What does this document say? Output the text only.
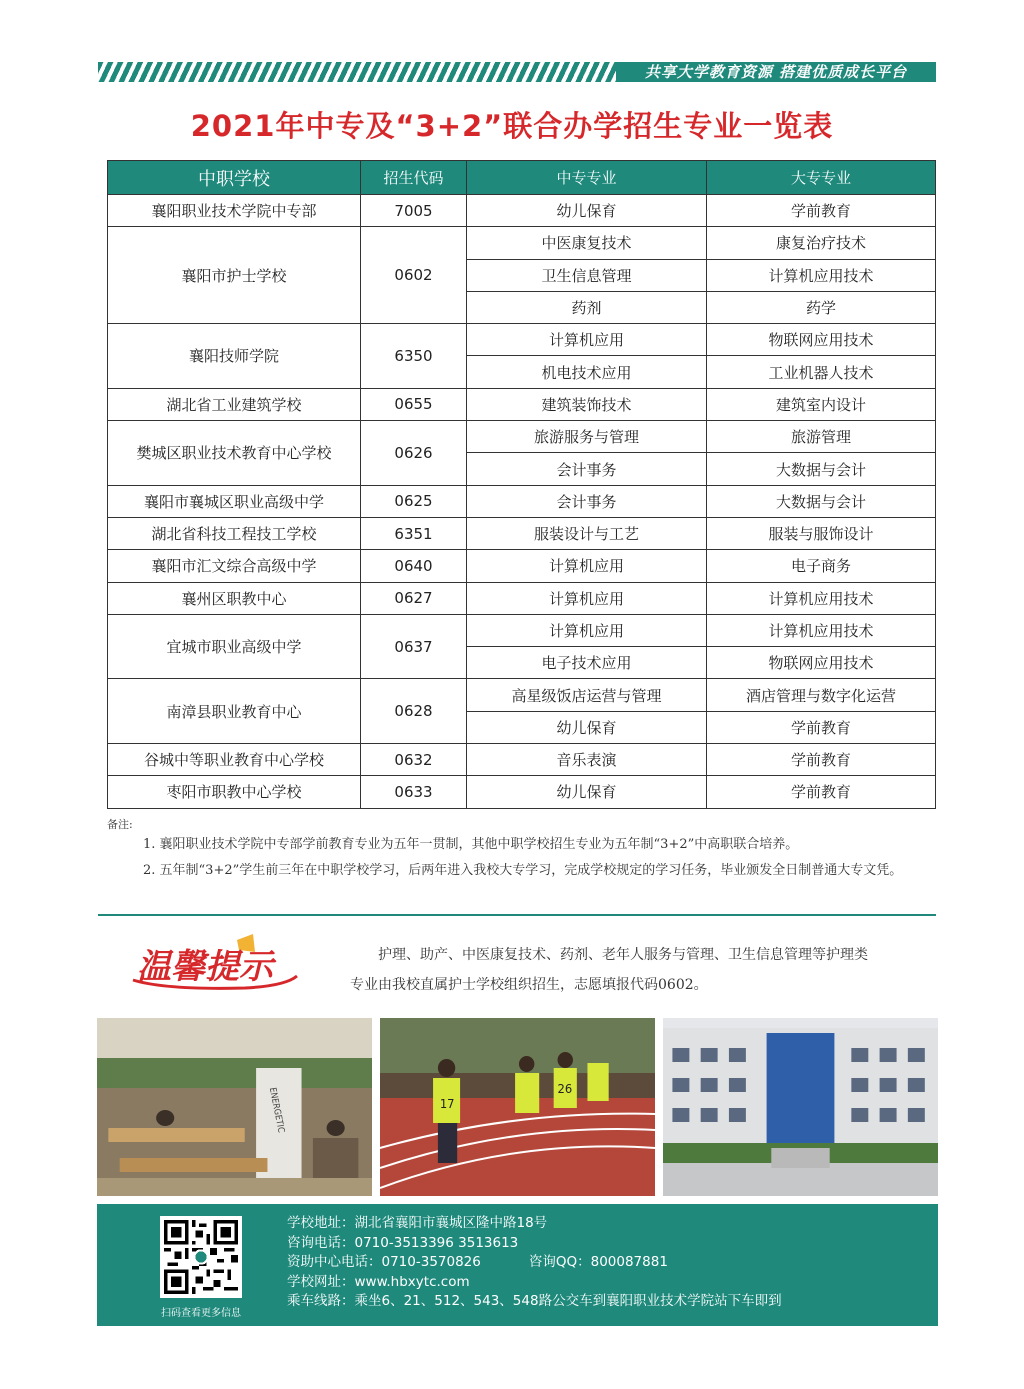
共享大学教育资源 搭建优质成长平台
2021年中专及“3+2”联合办学招生专业一览表
中职学校	招生代码	中专专业	大专专业
襄阳职业技术学院中专部	7005	幼儿保育	学前教育
襄阳市护士学校	0602	中医康复技术	康复治疗技术
		卫生信息管理	计算机应用技术
		药剂	药学
襄阳技师学院	6350	计算机应用	物联网应用技术
		机电技术应用	工业机器人技术
湖北省工业建筑学校	0655	建筑装饰技术	建筑室内设计
樊城区职业技术教育中心学校	0626	旅游服务与管理	旅游管理
		会计事务	大数据与会计
襄阳市襄城区职业高级中学	0625	会计事务	大数据与会计
湖北省科技工程技工学校	6351	服装设计与工艺	服装与服饰设计
襄阳市汇文综合高级中学	0640	计算机应用	电子商务
襄州区职教中心	0627	计算机应用	计算机应用技术
宜城市职业高级中学	0637	计算机应用	计算机应用技术
		电子技术应用	物联网应用技术
南漳县职业教育中心	0628	高星级饭店运营与管理	酒店管理与数字化运营
		幼儿保育	学前教育
谷城中等职业教育中心学校	0632	音乐表演	学前教育
枣阳市职教中心学校	0633	幼儿保育	学前教育
备注:

1. 襄阳职业技术学院中专部学前教育专业为五年一贯制，其他中职学校招生专业为五年制“3+2”中高职联合培养。

2. 五年制“3+2”学生前三年在中职学校学习，后两年进入我校大专学习，完成学校规定的学习任务，毕业颁发全日制普通大专文凭。

温馨提示	护理、助产、中医康复技术、药剂、老年人服务与管理、卫生信息管理等护理类
专业由我校直属护士学校组织招生，志愿填报代码0602。
ENERGETIC	17
26
扫码查看更多信息
学校地址：湖北省襄阳市襄城区隆中路18号
咨询电话：0710-3513396 3513613
资助中心电话：0710-3570826	咨询QQ：800087881
学校网址：www.hbxytc.com
乘车线路：乘坐6、21、512、543、548路公交车到襄阳职业技术学院站下车即到
